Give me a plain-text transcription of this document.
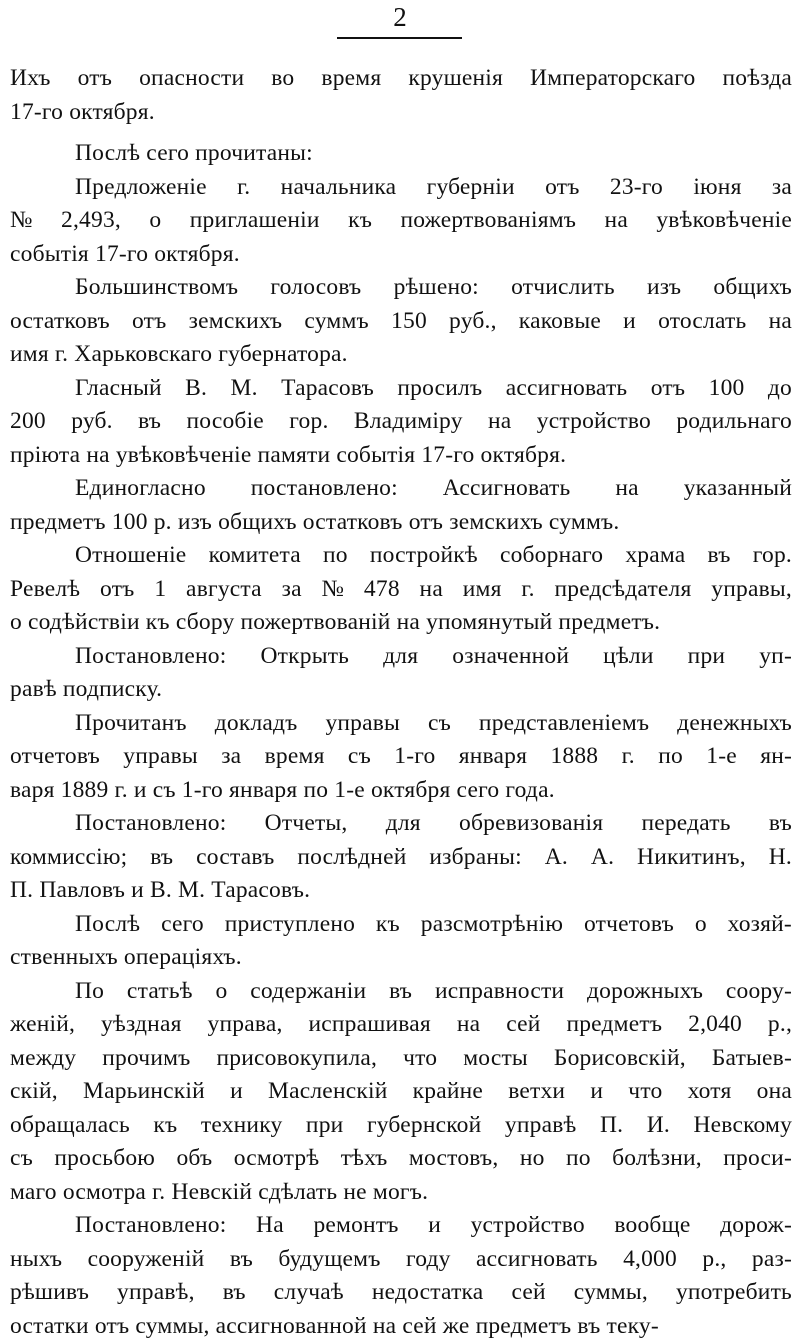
2
Ихъ отъ опасности во время крушенія Императорскаго поѣзда
17-го октября.
Послѣ сего прочитаны:
Предложеніе г. начальника губерніи отъ 23-го іюня за
№ 2,493, о приглашеніи къ пожертвованіямъ на увѣковѣченіе
событія 17-го октября.
Большинствомъ голосовъ рѣшено: отчислить изъ общихъ
остатковъ отъ земскихъ суммъ 150 руб., каковые и отослать на
имя г. Харьковскаго губернатора.
Гласный В. М. Тарасовъ просилъ ассигновать отъ 100 до
200 руб. въ пособіе гор. Владиміру на устройство родильнаго
пріюта на увѣковѣченіе памяти событія 17-го октября.
Единогласно постановлено: Ассигновать на указанный
предметъ 100 р. изъ общихъ остатковъ отъ земскихъ суммъ.
Отношеніе комитета по постройкѣ соборнаго храма въ гор.
Ревелѣ отъ 1 августа за № 478 на имя г. предсѣдателя управы,
о содѣйствіи къ сбору пожертвованій на упомянутый предметъ.
Постановлено: Открыть для означенной цѣли при уп-
равѣ подписку.
Прочитанъ докладъ управы съ представленіемъ денежныхъ
отчетовъ управы за время съ 1-го января 1888 г. по 1-е ян-
варя 1889 г. и съ 1-го января по 1-е октября сего года.
Постановлено: Отчеты, для обревизованія передать въ
коммиссію; въ составъ послѣдней избраны: А. А. Никитинъ, Н.
П. Павловъ и В. М. Тарасовъ.
Послѣ сего приступлено къ разсмотрѣнію отчетовъ о хозяй-
ственныхъ операціяхъ.
По статьѣ о содержаніи въ исправности дорожныхъ соору-
женій, уѣздная управа, испрашивая на сей предметъ 2,040 р.,
между прочимъ присовокупила, что мосты Борисовскій, Батыев-
скій, Марьинскій и Масленскій крайне ветхи и что хотя она
обращалась къ технику при губернской управѣ П. И. Невскому
съ просьбою объ осмотрѣ тѣхъ мостовъ, но по болѣзни, проси-
маго осмотра г. Невскій сдѣлать не могъ.
Постановлено: На ремонтъ и устройство вообще дорож-
ныхъ сооруженій въ будущемъ году ассигновать 4,000 р., раз-
рѣшивъ управѣ, въ случаѣ недостатка сей суммы, употребить
остатки отъ суммы, ассигнованной на сей же предметъ въ теку-
